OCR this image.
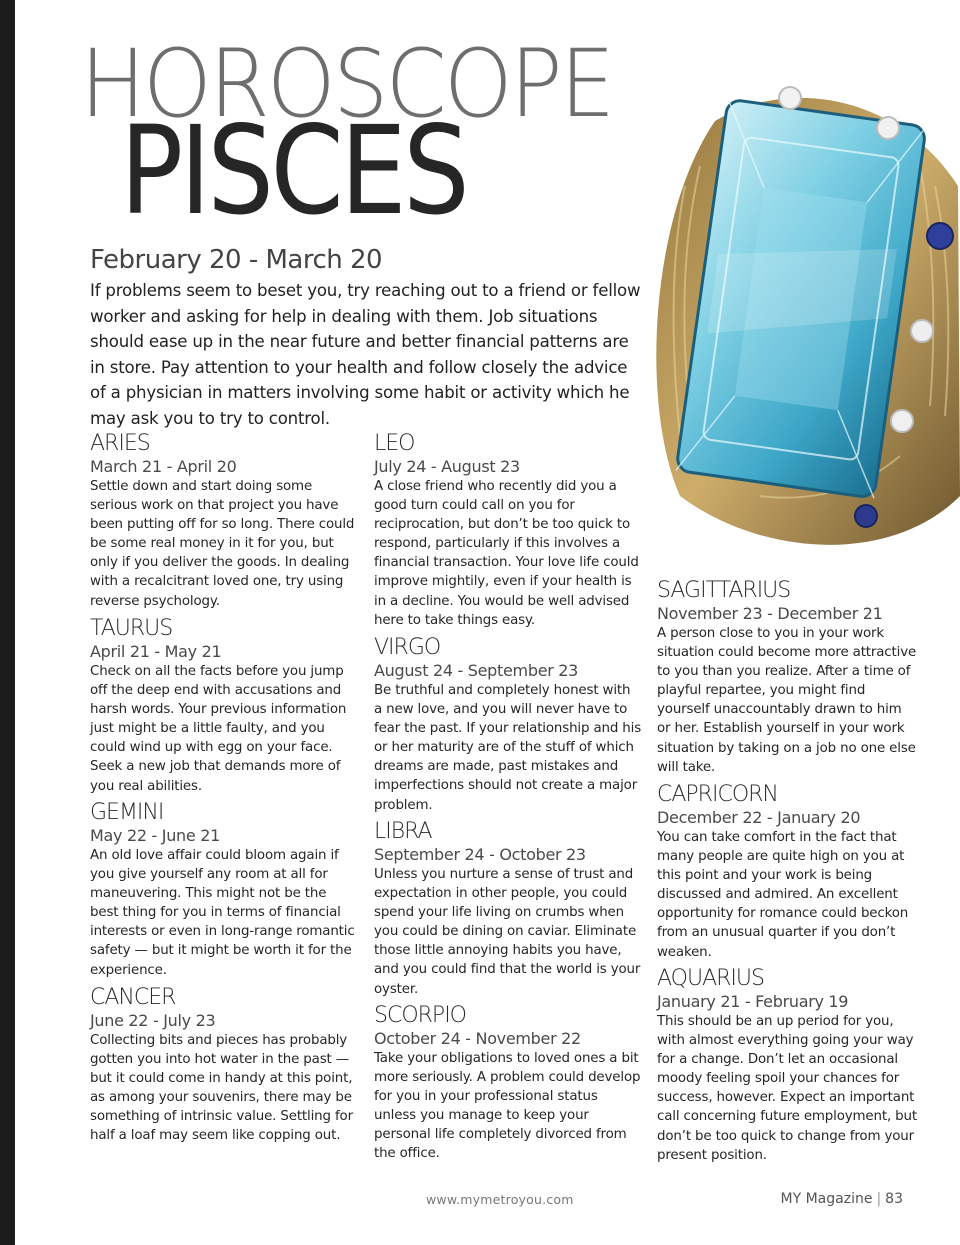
HOROSCOPE
PISCES
February 20 - March 20
If problems seem to beset you, try reaching out to a friend or fellow worker and asking for help in dealing with them. Job situations should ease up in the near future and better financial patterns are in store. Pay attention to your health and follow closely the advice of a physician in matters involving some habit or activity which he may ask you to try to control.
ARIES
March 21 - April 20
Settle down and start doing some serious work on that project you have been putting off for so long. There could be some real money in it for you, but only if you deliver the goods. In dealing with a recalcitrant loved one, try using reverse psychology.
TAURUS
April 21 - May 21
Check on all the facts before you jump off the deep end with accusations and harsh words. Your previous information just might be a little faulty, and you could wind up with egg on your face. Seek a new job that demands more of you real abilities.
GEMINI
May 22 - June 21
An old love affair could bloom again if you give yourself any room at all for maneuvering. This might not be the best thing for you in terms of financial interests or even in long-range romantic safety — but it might be worth it for the experience.
CANCER
June 22 - July 23
Collecting bits and pieces has probably gotten you into hot water in the past — but it could come in handy at this point, as among your souvenirs, there may be something of intrinsic value. Settling for half a loaf may seem like copping out.
LEO
July 24 - August 23
A close friend who recently did you a good turn could call on you for reciprocation, but don’t be too quick to respond, particularly if this involves a financial transaction. Your love life could improve mightily, even if your health is in a decline. You would be well advised here to take things easy.
VIRGO
August 24 - September 23
Be truthful and completely honest with a new love, and you will never have to fear the past. If your relationship and his or her maturity are of the stuff of which dreams are made, past mistakes and imperfections should not create a major problem.
LIBRA
September 24 - October 23
Unless you nurture a sense of trust and expectation in other people, you could spend your life living on crumbs when you could be dining on caviar. Eliminate those little annoying habits you have, and you could find that the world is your oyster.
SCORPIO
October 24 - November 22
Take your obligations to loved ones a bit more seriously. A problem could develop for you in your professional status unless you manage to keep your personal life completely divorced from the office.
SAGITTARIUS
November 23 - December 21
A person close to you in your work situation could become more attractive to you than you realize. After a time of playful repartee, you might find yourself unaccountably drawn to him or her. Establish yourself in your work situation by taking on a job no one else will take.
CAPRICORN
December 22 - January 20
You can take comfort in the fact that many people are quite high on you at this point and your work is being discussed and admired. An excellent opportunity for romance could beckon from an unusual quarter if you don’t weaken.
AQUARIUS
January 21 - February 19
This should be an up period for you, with almost everything going your way for a change. Don’t let an occasional moody feeling spoil your chances for success, however. Expect an important call concerning future employment, but don’t be too quick to change from your present position.
www.mymetroyou.com	MY Magazine | 83
